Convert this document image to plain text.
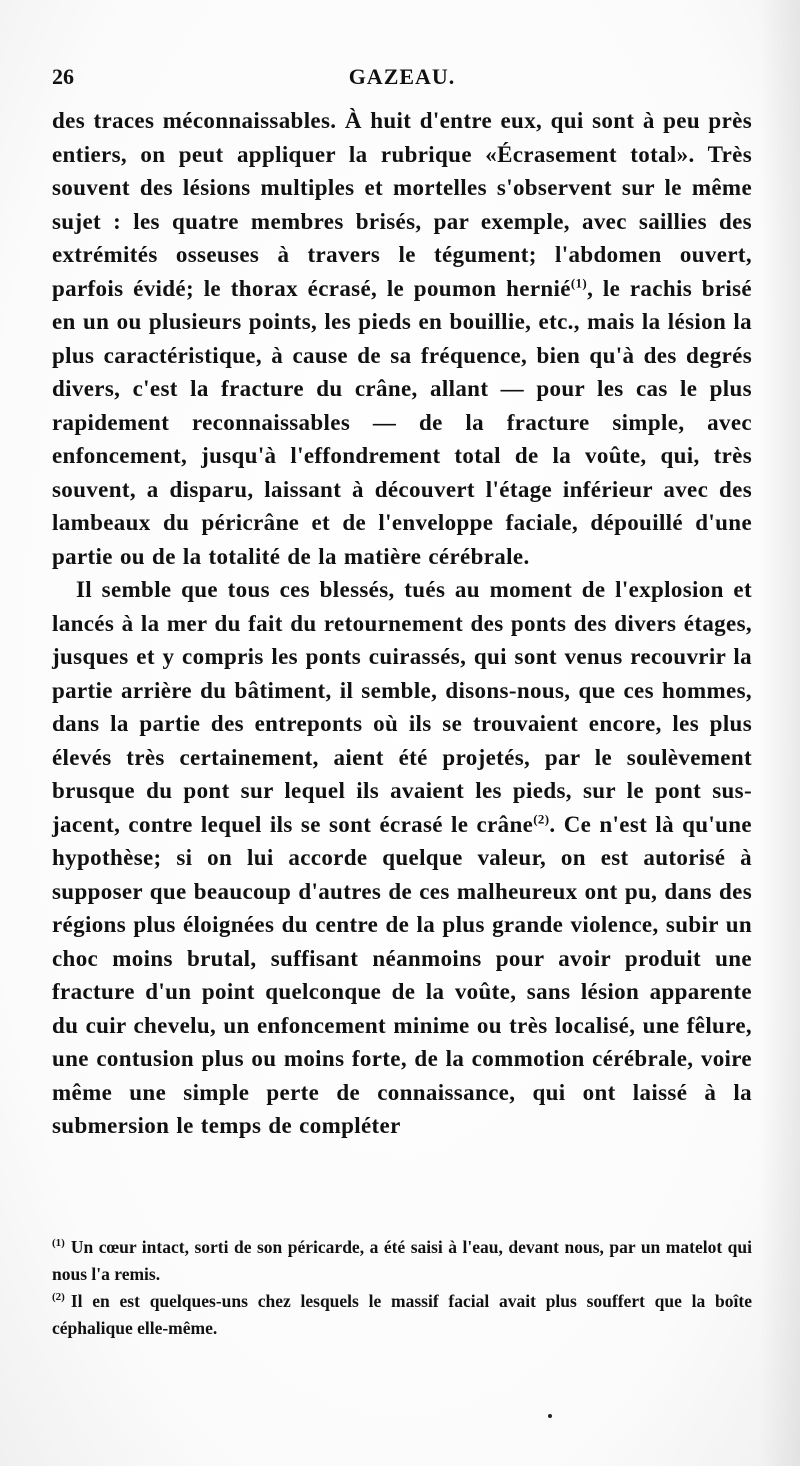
26	GAZEAU.

des traces méconnaissables. À huit d'entre eux, qui sont à peu près entiers, on peut appliquer la rubrique «Écrasement total». Très souvent des lésions multiples et mortelles s'observent sur le même sujet : les quatre membres brisés, par exemple, avec saillies des extrémités osseuses à travers le tégument; l'abdomen ouvert, parfois évidé; le thorax écrasé, le poumon hernié$^{(1)}$, le rachis brisé en un ou plusieurs points, les pieds en bouillie, etc., mais la lésion la plus caractéristique, à cause de sa fréquence, bien qu'à des degrés divers, c'est la fracture du crâne, allant — pour les cas le plus rapidement reconnaissables — de la fracture simple, avec enfoncement, jusqu'à l'effondrement total de la voûte, qui, très souvent, a disparu, laissant à découvert l'étage inférieur avec des lambeaux du péricrâne et de l'enveloppe faciale, dépouillé d'une partie ou de la totalité de la matière cérébrale.

Il semble que tous ces blessés, tués au moment de l'explosion et lancés à la mer du fait du retournement des ponts des divers étages, jusques et y compris les ponts cuirassés, qui sont venus recouvrir la partie arrière du bâtiment, il semble, disons-nous, que ces hommes, dans la partie des entreponts où ils se trouvaient encore, les plus élevés très certainement, aient été projetés, par le soulèvement brusque du pont sur lequel ils avaient les pieds, sur le pont sus-jacent, contre lequel ils se sont écrasé le crâne$^{(2)}$. Ce n'est là qu'une hypothèse; si on lui accorde quelque valeur, on est autorisé à supposer que beaucoup d'autres de ces malheureux ont pu, dans des régions plus éloignées du centre de la plus grande violence, subir un choc moins brutal, suffisant néanmoins pour avoir produit une fracture d'un point quelconque de la voûte, sans lésion apparente du cuir chevelu, un enfoncement minime ou très localisé, une fêlure, une contusion plus ou moins forte, de la commotion cérébrale, voire même une simple perte de connaissance, qui ont laissé à la submersion le temps de compléter

$^{(1)}$ Un cœur intact, sorti de son péricarde, a été saisi à l'eau, devant nous, par un matelot qui nous l'a remis.

$^{(2)}$ Il en est quelques-uns chez lesquels le massif facial avait plus souffert que la boîte céphalique elle-même.
